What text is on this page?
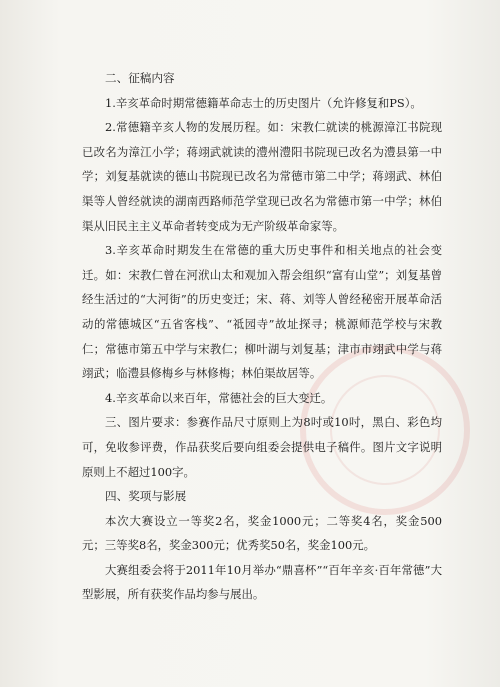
二、征稿内容

1.辛亥革命时期常德籍革命志士的历史图片（允许修复和PS）。

2.常德籍辛亥人物的发展历程。如：宋教仁就读的桃源漳江书院现已改名为漳江小学；蒋翊武就读的澧州澧阳书院现已改名为澧县第一中学；刘复基就读的德山书院现已改名为常德市第二中学；蒋翊武、林伯渠等人曾经就读的湖南西路师范学堂现已改名为常德市第一中学；林伯渠从旧民主主义革命者转变成为无产阶级革命家等。

3.辛亥革命时期发生在常德的重大历史事件和相关地点的社会变迁。如：宋教仁曾在河洑山太和观加入帮会组织“富有山堂”；刘复基曾经生活过的“大河街”的历史变迁；宋、蒋、刘等人曾经秘密开展革命活动的常德城区“五省客栈”、“祗园寺”故址探寻；桃源师范学校与宋教仁；常德市第五中学与宋教仁；柳叶湖与刘复基；津市市翊武中学与蒋翊武；临澧县修梅乡与林修梅；林伯渠故居等。

4.辛亥革命以来百年，常德社会的巨大变迁。

三、图片要求：参赛作品尺寸原则上为8吋或10吋，黑白、彩色均可，免收参评费，作品获奖后要向组委会提供电子稿件。图片文字说明原则上不超过100字。

四、奖项与影展

本次大赛设立一等奖2名，奖金1000元；二等奖4名，奖金500元；三等奖8名，奖金300元；优秀奖50名，奖金100元。

大赛组委会将于2011年10月举办“鼎喜杯”“百年辛亥·百年常德”大型影展，所有获奖作品均参与展出。
